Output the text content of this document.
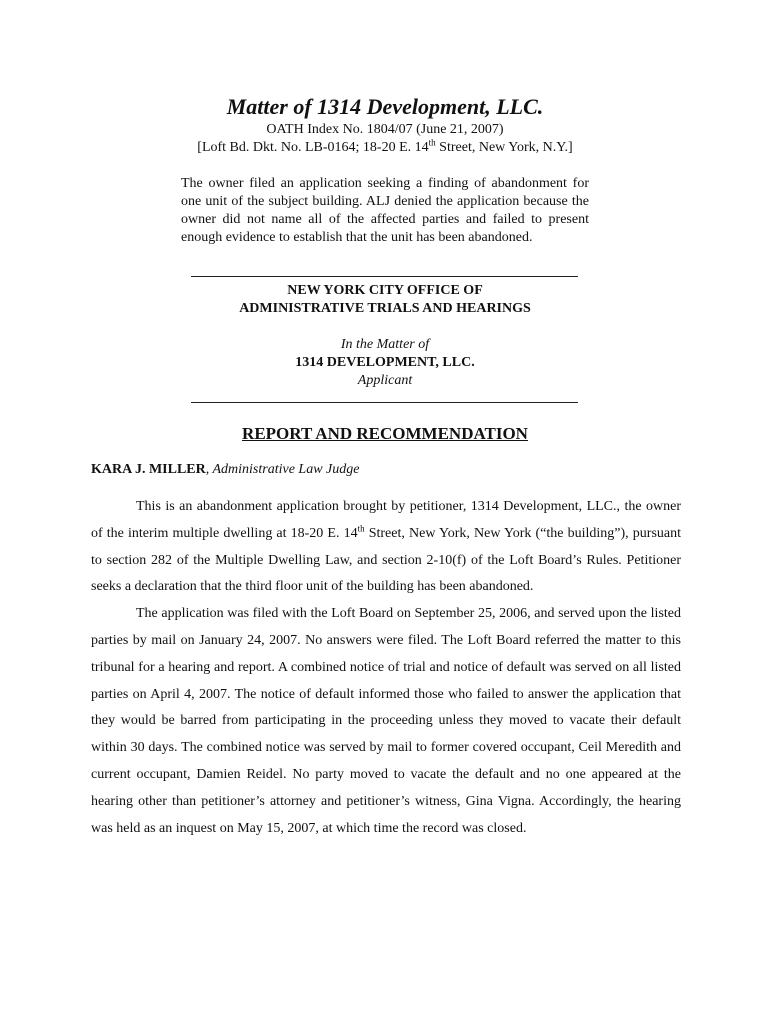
Matter of 1314 Development, LLC.
OATH Index No. 1804/07 (June 21, 2007)
[Loft Bd. Dkt. No. LB-0164; 18-20 E. 14th Street, New York, N.Y.]
The owner filed an application seeking a finding of abandonment for one unit of the subject building. ALJ denied the application because the owner did not name all of the affected parties and failed to present enough evidence to establish that the unit has been abandoned.
NEW YORK CITY OFFICE OF
ADMINISTRATIVE TRIALS AND HEARINGS
In the Matter of
1314 DEVELOPMENT, LLC.
Applicant
REPORT AND RECOMMENDATION
KARA J. MILLER, Administrative Law Judge

This is an abandonment application brought by petitioner, 1314 Development, LLC., the owner of the interim multiple dwelling at 18-20 E. 14th Street, New York, New York (“the building”), pursuant to section 282 of the Multiple Dwelling Law, and section 2-10(f) of the Loft Board’s Rules. Petitioner seeks a declaration that the third floor unit of the building has been abandoned.

The application was filed with the Loft Board on September 25, 2006, and served upon the listed parties by mail on January 24, 2007. No answers were filed. The Loft Board referred the matter to this tribunal for a hearing and report. A combined notice of trial and notice of default was served on all listed parties on April 4, 2007. The notice of default informed those who failed to answer the application that they would be barred from participating in the proceeding unless they moved to vacate their default within 30 days. The combined notice was served by mail to former covered occupant, Ceil Meredith and current occupant, Damien Reidel. No party moved to vacate the default and no one appeared at the hearing other than petitioner’s attorney and petitioner’s witness, Gina Vigna. Accordingly, the hearing was held as an inquest on May 15, 2007, at which time the record was closed.
